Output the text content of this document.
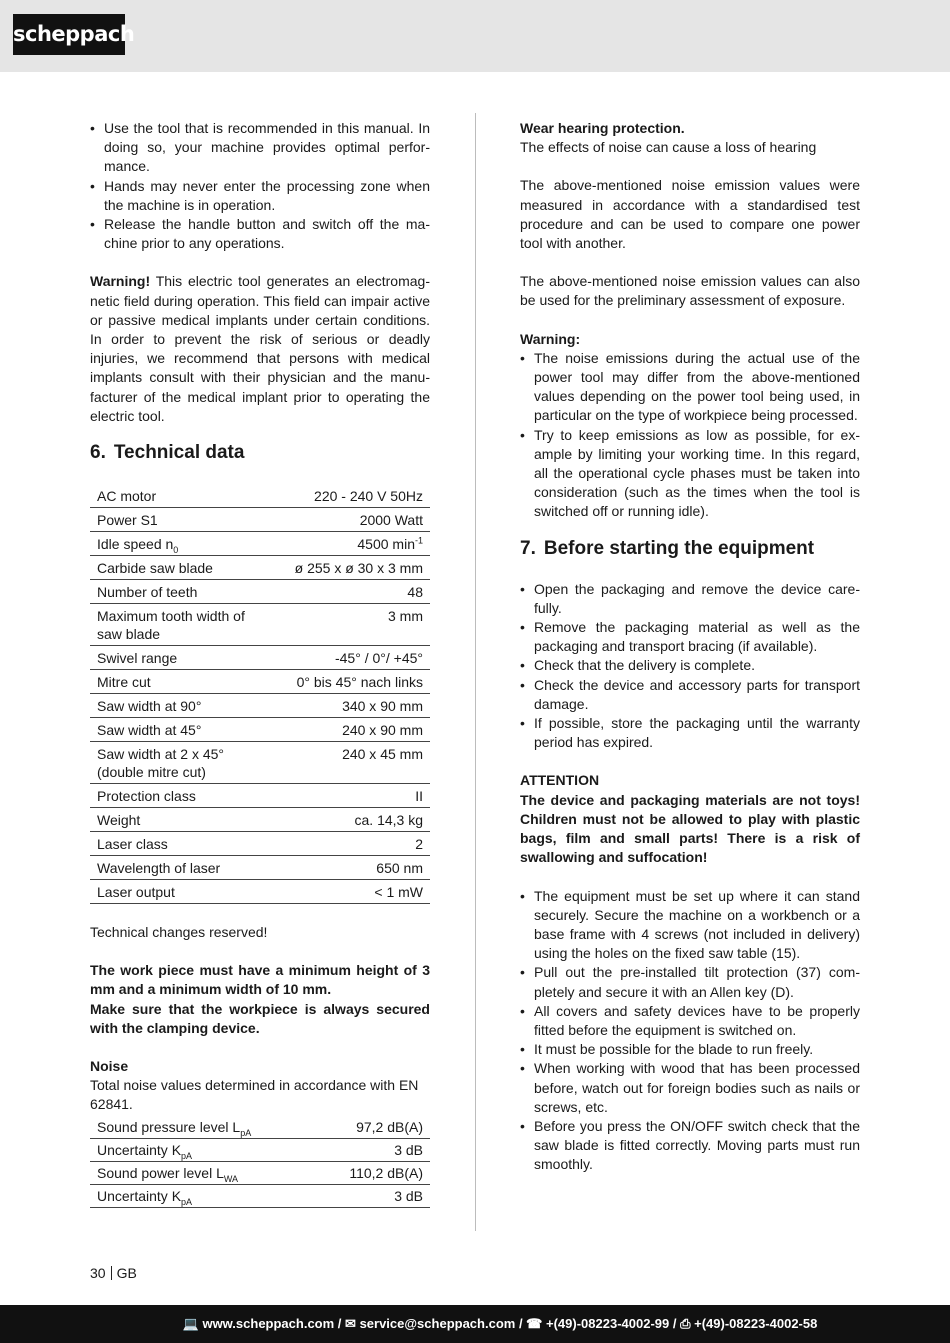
scheppach
• Use the tool that is recommended in this manual. In doing so, your machine provides optimal performance.
• Hands may never enter the processing zone when the machine is in operation.
• Release the handle button and switch off the machine prior to any operations.

Warning! This electric tool generates an electromagnetic field during operation. This field can impair active or passive medical implants under certain conditions. In order to prevent the risk of serious or deadly injuries, we recommend that persons with medical implants consult with their physician and the manufacturer of the medical implant prior to operating the electric tool.

6. Technical data
AC motor	220 - 240 V 50Hz
Power S1	2000 Watt
Idle speed $n_0$	4500 $\min^{-1}$
Carbide saw blade	ø 255 x ø 30 x 3 mm
Number of teeth	48
Maximum tooth width of saw blade	3 mm
Swivel range	-45° / 0°/ +45°
Mitre cut	0° bis 45° nach links
Saw width at 90°	340 x 90 mm
Saw width at 45°	240 x 90 mm
Saw width at 2 x 45° (double mitre cut)	240 x 45 mm
Protection class	II
Weight	ca. 14,3 kg
Laser class	2
Wavelength of laser	650 nm
Laser output	< 1 mW

Technical changes reserved!

The work piece must have a minimum height of 3 mm and a minimum width of 10 mm.

Make sure that the workpiece is always secured with the clamping device.

Noise

Total noise values determined in accordance with EN 62841.

Sound pressure level $L_{pA}$	97,2 dB(A)
Uncertainty $K_{pA}$	3 dB
Sound power level $L_{WA}$	110,2 dB(A)
Uncertainty $K_{pA}$	3 dB

Wear hearing protection.

The effects of noise can cause a loss of hearing

The above-mentioned noise emission values were measured in accordance with a standardised test procedure and can be used to compare one power tool with another.

The above-mentioned noise emission values can also be used for the preliminary assessment of exposure.

Warning:

• The noise emissions during the actual use of the power tool may differ from the above-mentioned values depending on the power tool being used, in particular on the type of workpiece being processed.
• Try to keep emissions as low as possible, for example by limiting your working time. In this regard, all the operational cycle phases must be taken into consideration (such as the times when the tool is switched off or running idle).
7. Before starting the equipment
• Open the packaging and remove the device carefully.
• Remove the packaging material as well as the packaging and transport bracing (if available).
• Check that the delivery is complete.
• Check the device and accessory parts for transport damage.
• If possible, store the packaging until the warranty period has expired.

ATTENTION

The device and packaging materials are not toys! Children must not be allowed to play with plastic bags, film and small parts! There is a risk of swallowing and suffocation!

• The equipment must be set up where it can stand securely. Secure the machine on a workbench or a base frame with 4 screws (not included in delivery) using the holes on the fixed saw table (15).
• Pull out the pre-installed tilt protection (37) completely and secure it with an Allen key (D).
• All covers and safety devices have to be properly fitted before the equipment is switched on.
• It must be possible for the blade to run freely.
• When working with wood that has been processed before, watch out for foreign bodies such as nails or screws, etc.
• Before you press the ON/OFF switch check that the saw blade is fitted correctly. Moving parts must run smoothly.
30 GB
💻 www.scheppach.com / ✉ service@scheppach.com / ☎ +(49)-08223-4002-99 / ⎙ +(49)-08223-4002-58
